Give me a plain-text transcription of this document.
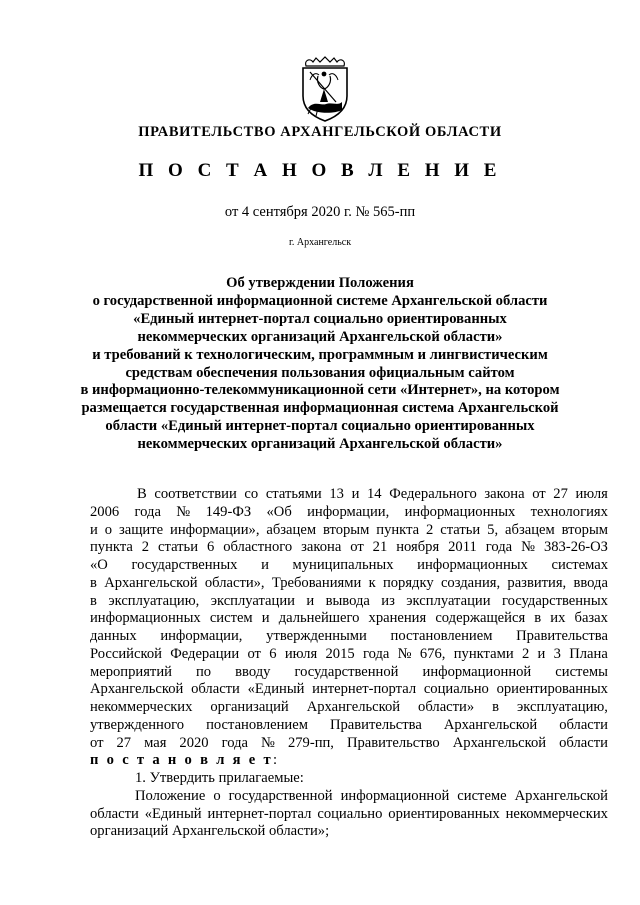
ПРАВИТЕЛЬСТВО АРХАНГЕЛЬСКОЙ ОБЛАСТИ
П О С Т А Н О В Л Е Н И Е
от 4 сентября 2020 г. № 565-пп
г. Архангельск
Об утверждении Положения
о государственной информационной системе Архангельской области
«Единый интернет-портал социально ориентированных
некоммерческих организаций Архангельской области»
и требований к технологическим, программным и лингвистическим
средствам обеспечения пользования официальным сайтом
в информационно-телекоммуникационной сети «Интернет», на котором
размещается государственная информационная система Архангельской
области «Единый интернет-портал социально ориентированных
некоммерческих организаций Архангельской области»
В соответствии со статьями 13 и 14 Федерального закона от 27 июля
2006 года № 149-ФЗ «Об информации, информационных технологиях
и о защите информации», абзацем вторым пункта 2 статьи 5, абзацем вторым
пункта 2 статьи 6 областного закона от 21 ноября 2011 года № 383-26-ОЗ
«О государственных и муниципальных информационных системах
в Архангельской области», Требованиями к порядку создания, развития, ввода
в эксплуатацию, эксплуатации и вывода из эксплуатации государственных
информационных систем и дальнейшего хранения содержащейся в их базах
данных информации, утвержденными постановлением Правительства
Российской Федерации от 6 июля 2015 года № 676, пунктами 2 и 3 Плана
мероприятий по вводу государственной информационной системы
Архангельской области «Единый интернет-портал социально ориентированных
некоммерческих организаций Архангельской области» в эксплуатацию,
утвержденного постановлением Правительства Архангельской области
от 27 мая 2020 года № 279-пп, Правительство Архангельской области
п о с т а н о в л я е т:
1. Утвердить прилагаемые:
Положение о государственной информационной системе Архангельской
области «Единый интернет-портал социально ориентированных некоммерческих
организаций Архангельской области»;
